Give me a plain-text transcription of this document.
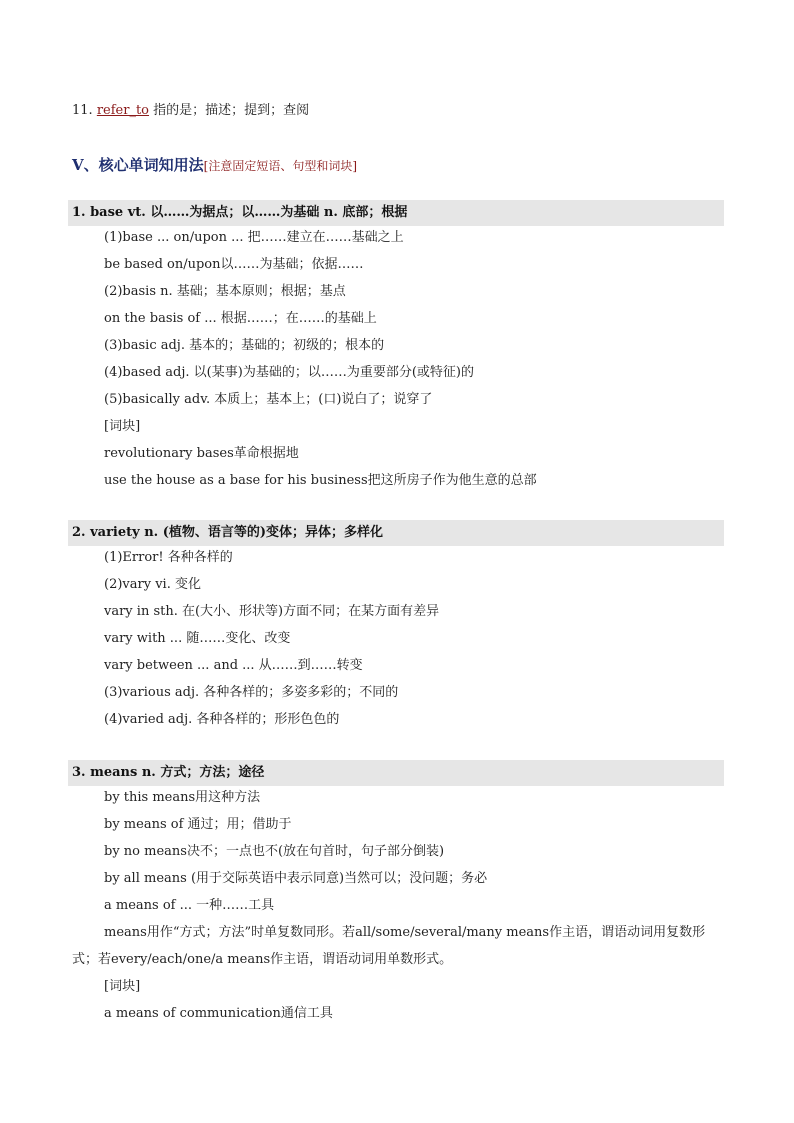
11. refer_to 指的是；描述；提到；查阅
V、核心单词知用法[注意固定短语、句型和词块]
1. base vt. 以……为据点；以……为基础 n. 底部；根据
(1)base ... on/upon ... 把……建立在……基础之上
be based on/upon以……为基础；依据……
(2)basis n. 基础；基本原则；根据；基点
on the basis of ... 根据……；在……的基础上
(3)basic adj. 基本的；基础的；初级的；根本的
(4)based adj. 以(某事)为基础的；以……为重要部分(或特征)的
(5)basically adv. 本质上；基本上；(口)说白了；说穿了
[词块]
revolutionary bases革命根据地
use the house as a base for his business把这所房子作为他生意的总部
2. variety n. (植物、语言等的)变体；异体；多样化
(1)Error! 各种各样的
(2)vary vi. 变化
vary in sth. 在(大小、形状等)方面不同；在某方面有差异
vary with ... 随……变化、改变
vary between ... and ... 从……到……转变
(3)various adj. 各种各样的；多姿多彩的；不同的
(4)varied adj. 各种各样的；形形色色的
3. means n. 方式；方法；途径
by this means用这种方法
by means of 通过；用；借助于
by no means决不；一点也不(放在句首时，句子部分倒装)
by all means (用于交际英语中表示同意)当然可以；没问题；务必
a means of ... 一种……工具
means用作“方式；方法”时单复数同形。若all/some/several/many means作主语，谓语动词用复数形式；若every/each/one/a means作主语，谓语动词用单数形式。
[词块]
a means of communication通信工具
